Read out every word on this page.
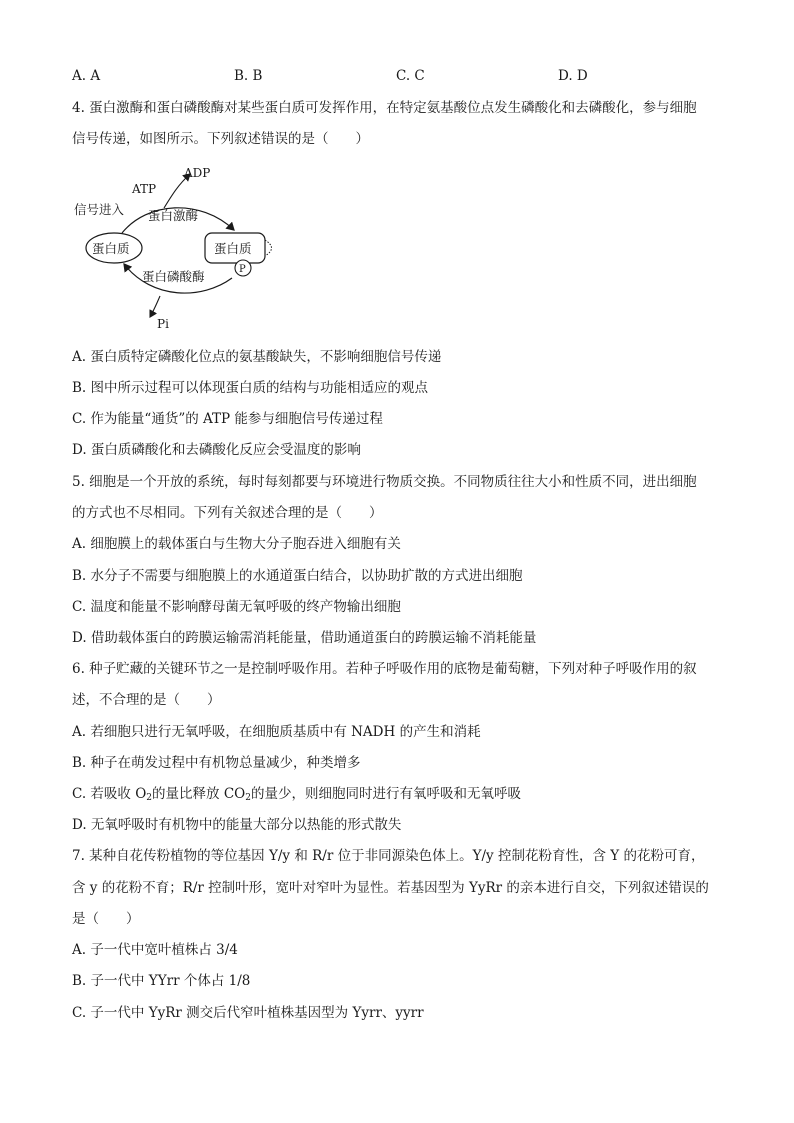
A. A	B. B	C. C	D. D
4. 蛋白激酶和蛋白磷酸酶对某些蛋白质可发挥作用，在特定氨基酸位点发生磷酸化和去磷酸化，参与细胞
信号传递，如图所示。下列叙述错误的是（　　）
ADP
ATP
信号进入 蛋白激酶
蛋白质	蛋白质
P
蛋白磷酸酶
Pi
A. 蛋白质特定磷酸化位点的氨基酸缺失，不影响细胞信号传递
B. 图中所示过程可以体现蛋白质的结构与功能相适应的观点
C. 作为能量“通货”的 ATP 能参与细胞信号传递过程
D. 蛋白质磷酸化和去磷酸化反应会受温度的影响
5. 细胞是一个开放的系统，每时每刻都要与环境进行物质交换。不同物质往往大小和性质不同，进出细胞
的方式也不尽相同。下列有关叙述合理的是（　　）
A. 细胞膜上的载体蛋白与生物大分子胞吞进入细胞有关
B. 水分子不需要与细胞膜上的水通道蛋白结合，以协助扩散的方式进出细胞
C. 温度和能量不影响酵母菌无氧呼吸的终产物输出细胞
D. 借助载体蛋白的跨膜运输需消耗能量，借助通道蛋白的跨膜运输不消耗能量
6. 种子贮藏的关键环节之一是控制呼吸作用。若种子呼吸作用的底物是葡萄糖，下列对种子呼吸作用的叙
述，不合理的是（　　）
A. 若细胞只进行无氧呼吸，在细胞质基质中有 NADH 的产生和消耗
B. 种子在萌发过程中有机物总量减少，种类增多
C. 若吸收 $O_2$的量比释放 $CO_2$的量少，则细胞同时进行有氧呼吸和无氧呼吸
D. 无氧呼吸时有机物中的能量大部分以热能的形式散失
7. 某种自花传粉植物的等位基因 Y/y 和 R/r 位于非同源染色体上。Y/y 控制花粉育性，含 Y 的花粉可育，
含 y 的花粉不育；R/r 控制叶形，宽叶对窄叶为显性。若基因型为 YyRr 的亲本进行自交，下列叙述错误的
是（　　）
A. 子一代中宽叶植株占 3/4
B. 子一代中 YYrr 个体占 1/8
C. 子一代中 YyRr 测交后代窄叶植株基因型为 Yyrr、yyrr
